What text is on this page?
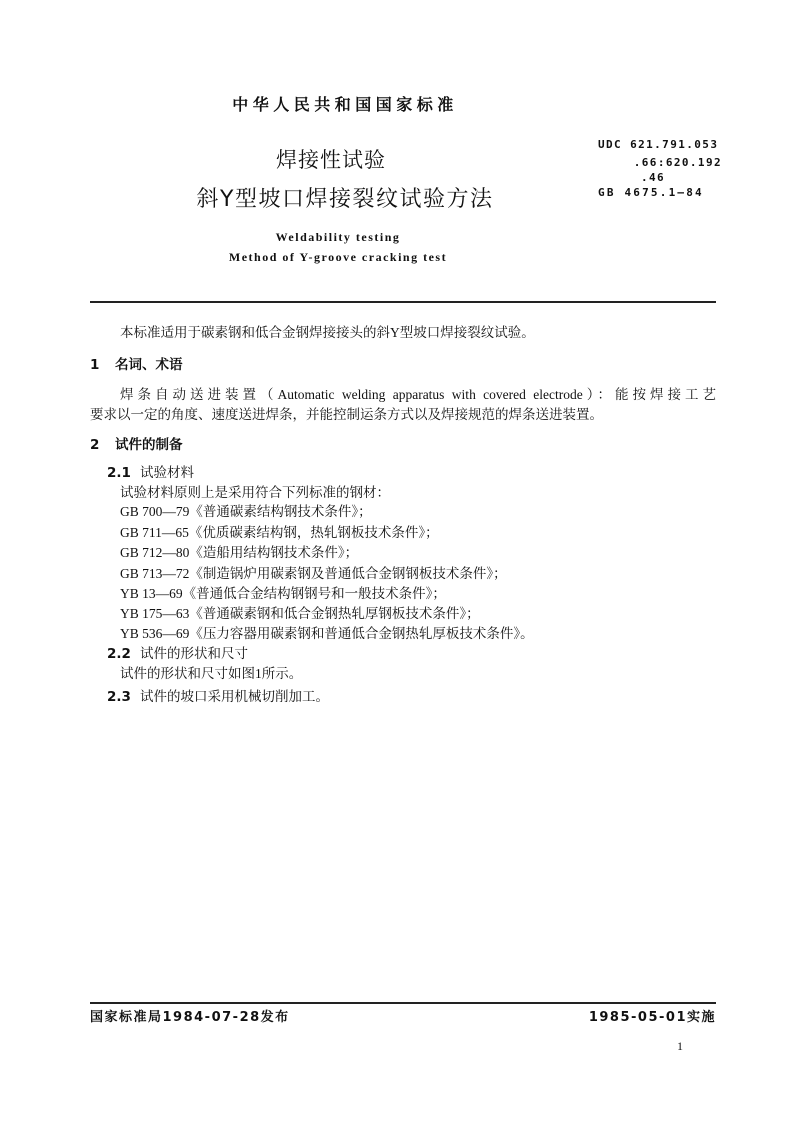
中华人民共和国国家标准
UDC 621.791.053
.66:620.192
.46
GB 4675.1—84
焊接性试验
斜Y型坡口焊接裂纹试验方法
Weldability testing
Method of Y-groove cracking test
本标准适用于碳素钢和低合金钢焊接接头的斜Y型坡口焊接裂纹试验。
1 名词、术语
焊条自动送进装置（Automatic welding apparatus with covered electrode）：能按焊接工艺
要求以一定的角度、速度送进焊条，并能控制运条方式以及焊接规范的焊条送进装置。
2 试件的制备
2.1 试验材料
试验材料原则上是采用符合下列标准的钢材：
GB 700—79《普通碳素结构钢技术条件》；
GB 711—65《优质碳素结构钢，热轧钢板技术条件》；
GB 712—80《造船用结构钢技术条件》；
GB 713—72《制造锅炉用碳素钢及普通低合金钢钢板技术条件》；
YB 13—69《普通低合金结构钢钢号和一般技术条件》；
YB 175—63《普通碳素钢和低合金钢热轧厚钢板技术条件》；
YB 536—69《压力容器用碳素钢和普通低合金钢热轧厚板技术条件》。
2.2 试件的形状和尺寸
试件的形状和尺寸如图1所示。
2.3 试件的坡口采用机械切削加工。
国家标准局1984-07-28发布	1985-05-01实施
1
